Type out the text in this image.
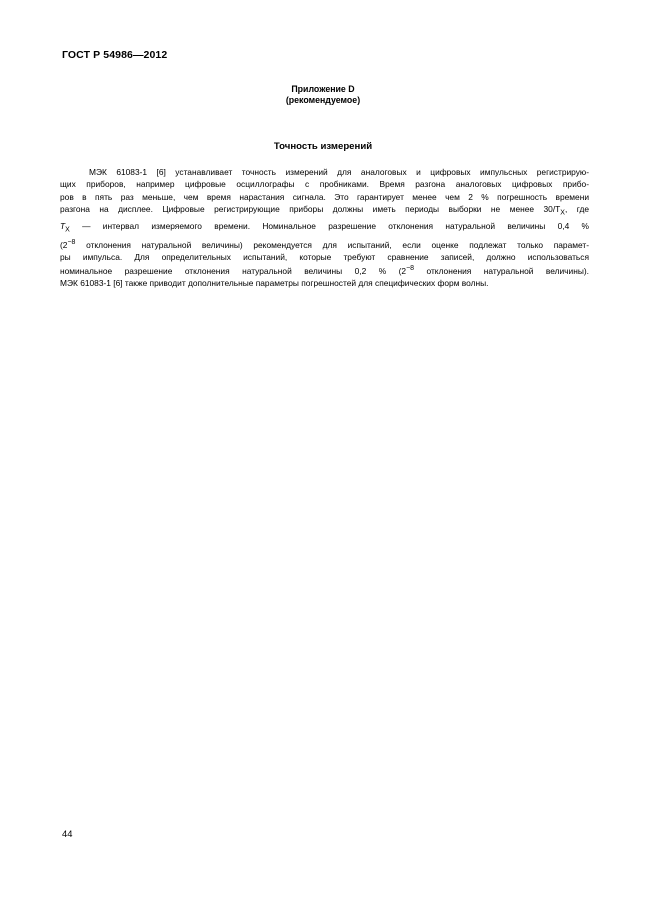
ГОСТ Р 54986—2012
Приложение D
(рекомендуемое)
Точность измерений
МЭК 61083-1 [6] устанавливает точность измерений для аналоговых и цифровых импульсных регистрирую-
щих приборов, например цифровые осциллографы с пробниками. Время разгона аналоговых цифровых прибо-
ров в пять раз меньше, чем время нарастания сигнала. Это гарантирует менее чем 2 % погрешность времени
разгона на дисплее. Цифровые регистрирующие приборы должны иметь периоды выборки не менее $30/T_X$, где
$T_X$ — интервал измеряемого времени. Номинальное разрешение отклонения натуральной величины 0,4 %
($2^{-8}$ отклонения натуральной величины) рекомендуется для испытаний, если оценке подлежат только парамет-
ры импульса. Для определительных испытаний, которые требуют сравнение записей, должно использоваться
номинальное разрешение отклонения натуральной величины 0,2 % ($2^{-8}$ отклонения натуральной величины).
МЭК 61083-1 [6] также приводит дополнительные параметры погрешностей для специфических форм волны.
44
